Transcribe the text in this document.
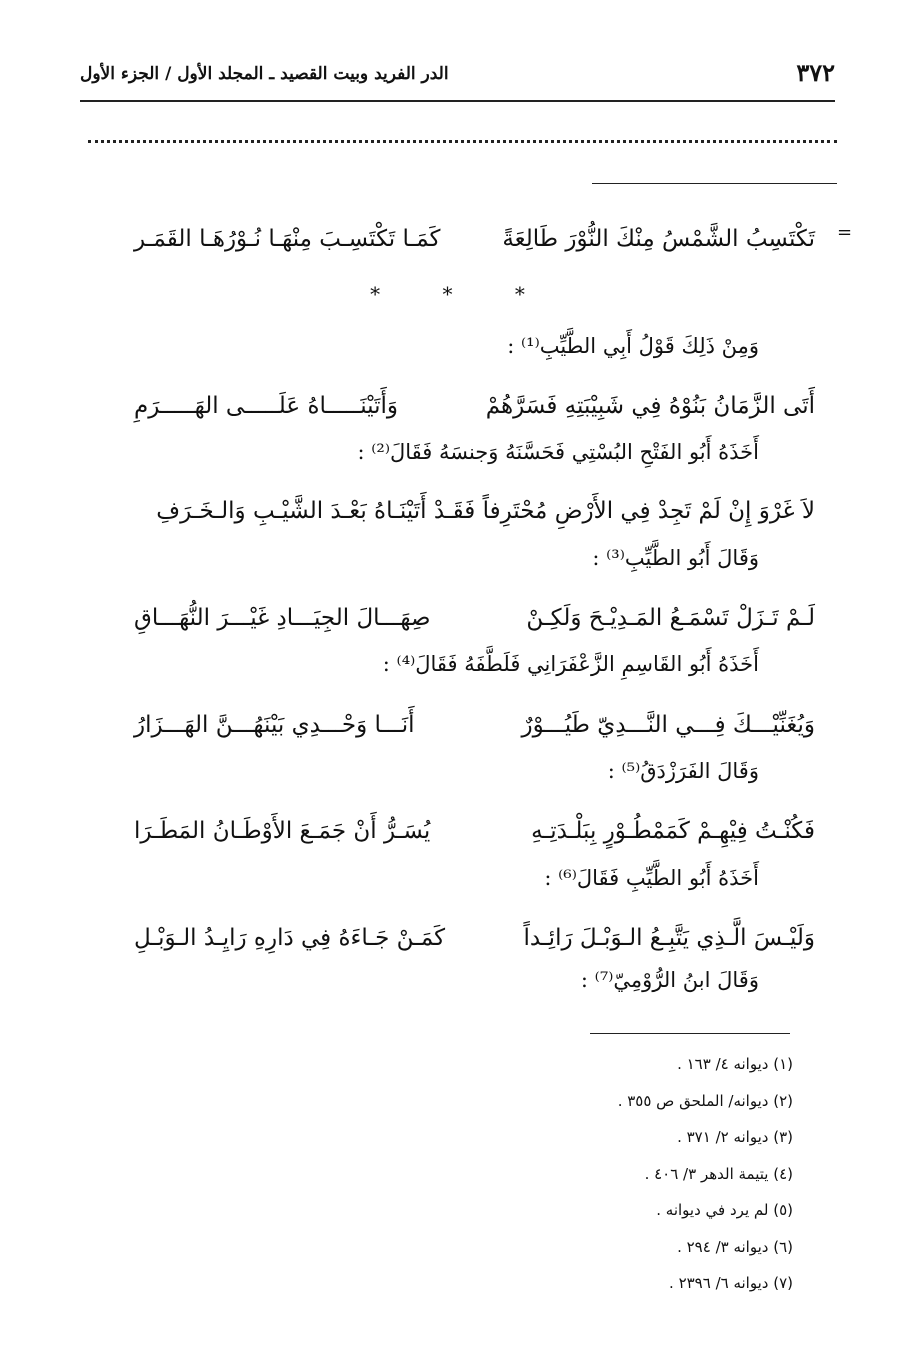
٣٧٢
الدر الفريد وبيت القصيد ـ المجلد الأول / الجزء الأول
=
تَكْتَسِبُ الشَّمْسُ مِنْكَ النُّوْرَ طَالِعَةً
كَمَـا تَكْتَسِـبَ مِنْهَـا نُـوْرُهَـا القَمَـر
* * *
وَمِنْ ذَلِكَ قَوْلُ أَبِي الطَّيِّبِ⁽¹⁾ :
أَتَى الزَّمَانُ بَنُوْهُ فِي شَبِيْبَتِهِ فَسَرَّهُمْ
وَأَتَيْنَـــــاهُ عَلَـــــى الهَـــــرَمِ
أَخَذَهُ أَبُو الفَتْحِ البُسْتِي فَحَسَّنَهُ وَجنسَهُ فَقَالَ⁽²⁾ :
لاَ غَرْوَ إِنْ لَمْ تَجِدْ فِي الأَرْضِ مُحْتَرِفاً فَقَـدْ أَتَيْنَـاهُ بَعْـدَ الشَّيْـبِ وَالـخَـرَفِ
وَقَالَ أَبُو الطَّيِّبِ⁽³⁾ :
لَـمْ تَـزَلْ تَسْمَـعُ المَـدِيْـحَ وَلَكِـنْ
صِهَـــالَ الجِيَـــادِ غَيْـــرَ النُّهَـــاقِ
أَخَذَهُ أَبُو القَاسِمِ الزَّعْفَرَانِي فَلَطَّفَهُ فَقَالَ⁽⁴⁾ :
وَيُغَنِّيْـــكَ فِـــي النَّـــدِيّ طَيُـــوْرٌ
أَنَـــا وَحْـــدِي بَيْنَهُـــنَّ الهَـــزَارُ
وَقَالَ الفَرَزْدَقُ⁽⁵⁾ :
فَكُنْـتُ فِيْهِـمْ كَمَمْطُـوْرٍ بِبَلْـدَتِـهِ
يُسَـرُّ أَنْ جَمَـعَ الأَوْطَـانُ المَطَـرَا
أَخَذَهُ أَبُو الطَّيِّبِ فَقَالَ⁽⁶⁾ :
وَلَيْـسَ الَّـذِي يَتَّبِـعُ الـوَبْـلَ رَائِـداً
كَمَـنْ جَـاءَهُ فِي دَارِهِ رَايِـدُ الـوَبْـلِ
وَقَالَ ابنُ الرُّوْمِيّ⁽⁷⁾ :
(١) ديوانه ٤/ ١٦٣ .
(٢) ديوانه/ الملحق ص ٣٥٥ .
(٣) ديوانه ٢/ ٣٧١ .
(٤) يتيمة الدهر ٣/ ٤٠٦ .
(٥) لم يرد في ديوانه .
(٦) ديوانه ٣/ ٢٩٤ .
(٧) ديوانه ٦/ ٢٣٩٦ .
